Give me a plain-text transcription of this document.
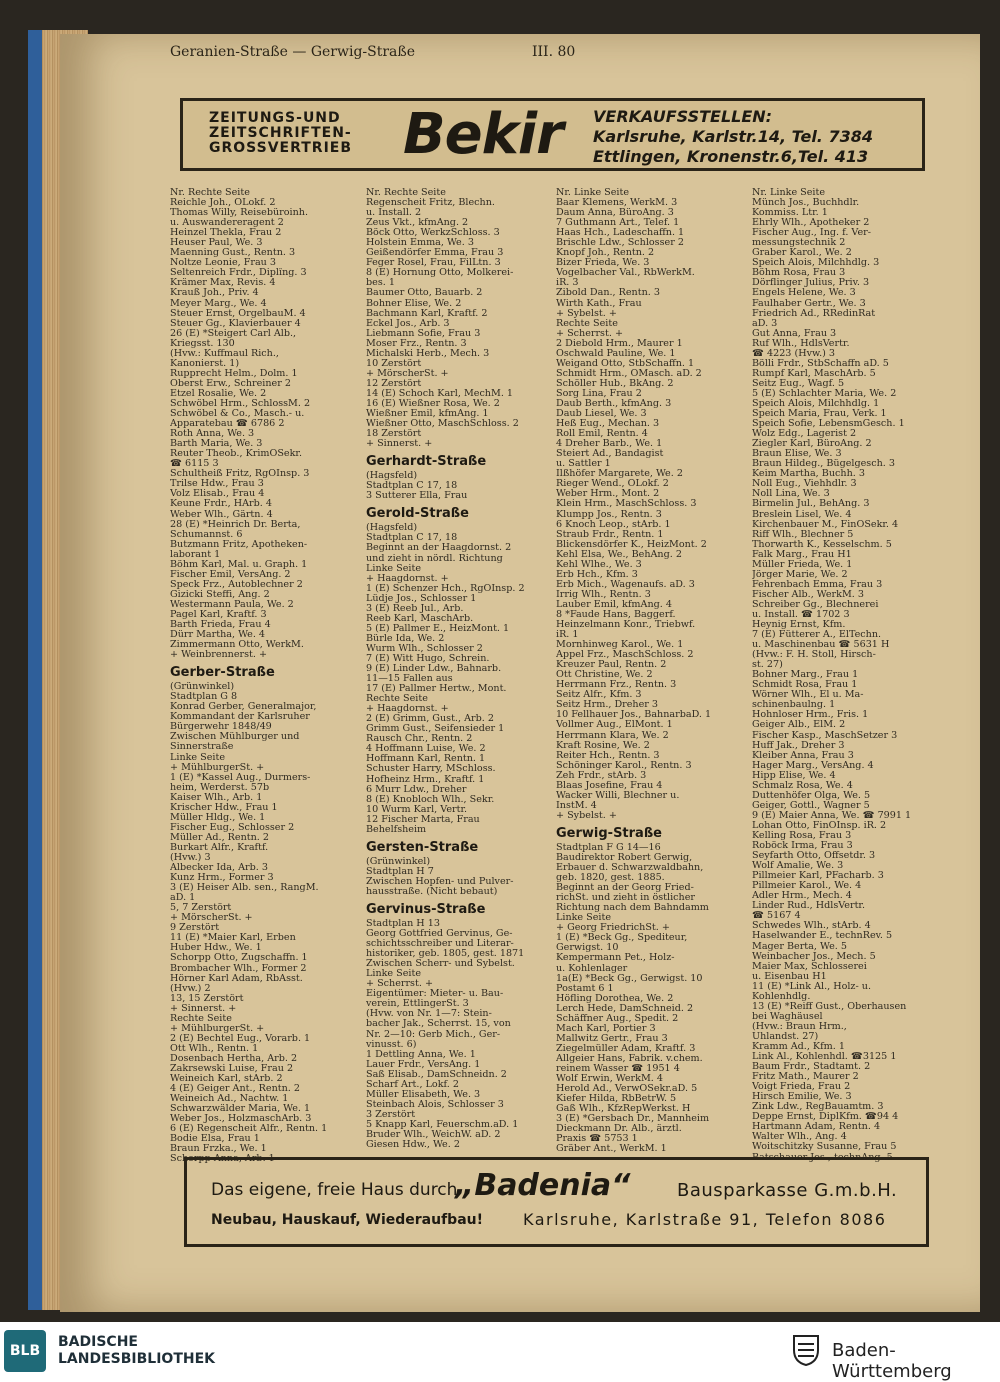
Geranien-Straße — Gerwig-Straße	III. 80
ZEITUNGS-UND
ZEITSCHRIFTEN-
GROSSVERTRIEB Bekir VERKAUFSSTELLEN:
Karlsruhe, Karlstr.14, Tel. 7384
Ettlingen, Kronenstr.6,Tel. 413
Nr. Rechte Seite
Reichle Joh., OLokf. 2
Thomas Willy, Reisebüroinh.
u. Auswandereragent 2
Heinzel Thekla, Frau 2
Heuser Paul, We. 3
Maenning Gust., Rentn. 3
Noltze Leonie, Frau 3
Seltenreich Frdr., Diplîng. 3
Krämer Max, Revis. 4
Krauß Joh., Priv. 4
Meyer Marg., We. 4
Steuer Ernst, OrgelbauM. 4
Steuer Gg., Klavierbauer 4
26 (E) *Steigert Carl Alb.,
Kriegsst. 130
(Hvw.: Kuffmaul Rich.,
Kanonierst. 1)
Rupprecht Helm., Dolm. 1
Oberst Erw., Schreiner 2
Etzel Rosalie, We. 2
Schwöbel Hrm., SchlossM. 2
Schwöbel & Co., Masch.- u.
Apparatebau ☎ 6786 2
Roth Anna, We. 3
Barth Maria, We. 3
Reuter Theob., KrimOSekr.
☎ 6115 3
Schultheiß Fritz, RgOInsp. 3
Trilse Hdw., Frau 3
Volz Elisab., Frau 4
Keune Frdr., HArb. 4
Weber Wlh., Gärtn. 4
28 (E) *Heinrich Dr. Berta,
Schumannst. 6
Butzmann Fritz, Apotheken-
laborant 1
Böhm Karl, Mal. u. Graph. 1
Fischer Emil, VersAng. 2
Speck Frz., Autoblechner 2
Gizicki Steffi, Ang. 2
Westermann Paula, We. 2
Pagel Karl, Kraftf. 3
Barth Frieda, Frau 4
Dürr Martha, We. 4
Zimmermann Otto, WerkM.
+ Weinbrennerst. +
Gerber-Straße
(Grünwinkel)
Stadtplan G 8
Konrad Gerber, Generalmajor,
Kommandant der Karlsruher
Bürgerwehr 1848/49
Zwischen Mühlburger und
Sinnerstraße
Linke Seite
+ MühlburgerSt. +
1 (E) *Kassel Aug., Durmers-
heim, Werderst. 57b
Kaiser Wlh., Arb. 1
Krischer Hdw., Frau 1
Müller Hldg., We. 1
Fischer Eug., Schlosser 2
Müller Ad., Rentn. 2
Burkart Alfr., Kraftf.
(Hvw.) 3
Albecker Ida, Arb. 3
Kunz Hrm., Former 3
3 (E) Heiser Alb. sen., RangM.
aD. 1
5, 7 Zerstört
+ MörscherSt. +
9 Zerstört
11 (E) *Maier Karl, Erben
Huber Hdw., We. 1
Schorpp Otto, Zugschaffn. 1
Brombacher Wlh., Former 2
Hörner Karl Adam, RbAsst.
(Hvw.) 2
13, 15 Zerstört
+ Sinnerst. +
Rechte Seite
+ MühlburgerSt. +
2 (E) Bechtel Eug., Vorarb. 1
Ott Wlh., Rentn. 1
Dosenbach Hertha, Arb. 2
Zakrsewski Luise, Frau 2
Weineich Karl, stArb. 2
4 (E) Geiger Ant., Rentn. 2
Weineich Ad., Nachtw. 1
Schwarzwälder Maria, We. 1
Weber Jos., HolzmaschArb. 3
6 (E) Regenscheit Alfr., Rentn. 1
Bodie Elsa, Frau 1
Braun Frzka., We. 1
Schorpp Anna, Arb. 1
Nr. Rechte Seite
Regenscheit Fritz, Blechn.
u. Install. 2
Zeus Vkt., kfmAng. 2
Böck Otto, WerkzSchloss. 3
Holstein Emma, We. 3
Geißendörfer Emma, Frau 3
Feger Rosel, Frau, FilLtn. 3
8 (E) Hornung Otto, Molkerei-
bes. 1
Baumer Otto, Bauarb. 2
Bohner Elise, We. 2
Bachmann Karl, Kraftf. 2
Eckel Jos., Arb. 3
Liebmann Sofie, Frau 3
Moser Frz., Rentn. 3
Michalski Herb., Mech. 3
10 Zerstört
+ MörscherSt. +
12 Zerstört
14 (E) Schoch Karl, MechM. 1
16 (E) Wießner Rosa, We. 2
Wießner Emil, kfmAng. 1
Wießner Otto, MaschSchloss. 2
18 Zerstört
+ Sinnerst. +
Gerhardt-Straße
(Hagsfeld)
Stadtplan C 17, 18
3 Sutterer Ella, Frau
Gerold-Straße
(Hagsfeld)
Stadtplan C 17, 18
Beginnt an der Haagdornst. 2
und zieht in nördl. Richtung
Linke Seite
+ Haagdornst. +
1 (E) Schenzer Hch., RgOInsp. 2
Lüdje Jos., Schlosser 1
3 (E) Reeb Jul., Arb.
Reeb Karl, MaschArb.
5 (E) Pallmer E., HeizMont. 1
Bürle Ida, We. 2
Wurm Wlh., Schlosser 2
7 (E) Witt Hugo, Schrein.
9 (E) Linder Ldw., Bahnarb.
11—15 Fallen aus
17 (E) Pallmer Hertw., Mont.
Rechte Seite
+ Haagdornst. +
2 (E) Grimm, Gust., Arb. 2
Grimm Gust., Seifensieder 1
Rausch Chr., Rentn. 2
4 Hoffmann Luise, We. 2
Hoffmann Karl, Rentn. 1
Schuster Harry, MSchloss.
Hofheinz Hrm., Kraftf. 1
6 Murr Ldw., Dreher
8 (E) Knobloch Wlh., Sekr.
10 Wurm Karl, Vertr.
12 Fischer Marta, Frau
Behelfsheim
Gersten-Straße
(Grünwinkel)
Stadtplan H 7
Zwischen Hopfen- und Pulver-
hausstraße. (Nicht bebaut)
Gervinus-Straße
Stadtplan H 13
Georg Gottfried Gervinus, Ge-
schichtsschreiber und Literar-
historiker, geb. 1805, gest. 1871
Zwischen Scherr- und Sybelst.
Linke Seite
+ Scherrst. +
Eigentümer: Mieter- u. Bau-
verein, EttlingerSt. 3
(Hvw. von Nr. 1—7: Stein-
bacher Jak., Scherrst. 15, von
Nr. 2—10: Gerb Mich., Ger-
vinusst. 6)
1 Dettling Anna, We. 1
Lauer Frdr., VersAng. 1
Saß Elisab., DamSchneidn. 2
Scharf Art., Lokf. 2
Müller Elisabeth, We. 3
Steinbach Alois, Schlosser 3
3 Zerstört
5 Knapp Karl, Feuerschm.aD. 1
Bruder Wlh., WeichW. aD. 2
Giesen Hdw., We. 2
Nr. Linke Seite
Baar Klemens, WerkM. 3
Daum Anna, BüroAng. 3
7 Guthmann Art., Telef. 1
Haas Hch., Ladeschaffn. 1
Brischle Ldw., Schlosser 2
Knopf Joh., Rentn. 2
Bizer Frieda, We. 3
Vogelbacher Val., RbWerkM.
iR. 3
Zibold Dan., Rentn. 3
Wirth Kath., Frau
+ Sybelst. +
Rechte Seite
+ Scherrst. +
2 Diebold Hrm., Maurer 1
Oschwald Pauline, We. 1
Weigand Otto, StbSchaffn. 1
Schmidt Hrm., OMasch. aD. 2
Schöller Hub., BkAng. 2
Sorg Lina, Frau 2
Daub Berth., kfmAng. 3
Daub Liesel, We. 3
Heß Eug., Mechan. 3
Roll Emil, Rentn. 4
4 Dreher Barb., We. 1
Steiert Ad., Bandagist
u. Sattler 1
Ilßhöfer Margarete, We. 2
Rieger Wend., OLokf. 2
Weber Hrm., Mont. 2
Klein Hrm., MaschSchloss. 3
Klumpp Jos., Rentn. 3
6 Knoch Leop., stArb. 1
Straub Frdr., Rentn. 1
Blickensdörfer K., HeizMont. 2
Kehl Elsa, We., BehAng. 2
Kehl Wlhe., We. 3
Erb Hch., Kfm. 3
Erb Mich., Wagenaufs. aD. 3
Irrig Wlh., Rentn. 3
Lauber Emil, kfmAng. 4
8 *Faude Hans, Baggerf.
Heinzelmann Konr., Triebwf.
iR. 1
Mornhinweg Karol., We. 1
Appel Frz., MaschSchloss. 2
Kreuzer Paul, Rentn. 2
Ott Christine, We. 2
Herrmann Frz., Rentn. 3
Seitz Alfr., Kfm. 3
Seitz Hrm., Dreher 3
10 Fellhauer Jos., BahnarbaD. 1
Vollmer Aug., ElMont. 1
Herrmann Klara, We. 2
Kraft Rosine, We. 2
Reiter Hch., Rentn. 3
Schöninger Karol., Rentn. 3
Zeh Frdr., stArb. 3
Blaas Josefine, Frau 4
Wacker Willi, Blechner u.
InstM. 4
+ Sybelst. +
Gerwig-Straße
Stadtplan F G 14—16
Baudirektor Robert Gerwig,
Erbauer d. Schwarzwaldbahn,
geb. 1820, gest. 1885.
Beginnt an der Georg Fried-
richSt. und zieht in östlicher
Richtung nach dem Bahndamm
Linke Seite
+ Georg FriedrichSt. +
1 (E) *Beck Gg., Spediteur,
Gerwigst. 10
Kempermann Pet., Holz-
u. Kohlenlager
1a(E) *Beck Gg., Gerwigst. 10
Postamt 6 1
Höfling Dorothea, We. 2
Lerch Hede, DamSchneid. 2
Schäffner Aug., Spedit. 2
Mach Karl, Portier 3
Mallwitz Gertr., Frau 3
Ziegelmüller Adam, Kraftf. 3
Allgeier Hans, Fabrik. v.chem.
reinem Wasser ☎ 1951 4
Wolf Erwin, WerkM. 4
Herold Ad., VerwOSekr.aD. 5
Kiefer Hilda, RbBetrW. 5
Gaß Wlh., KfzRepWerkst. H
3 (E) *Gersbach Dr., Mannheim
Dieckmann Dr. Alb., ärztl.
Praxis ☎ 5753 1
Gräber Ant., WerkM. 1
Nr. Linke Seite
Münch Jos., Buchhdlr.
Kommiss. Ltr. 1
Ehrly Wlh., Apotheker 2
Fischer Aug., Ing. f. Ver-
messungstechnik 2
Graber Karol., We. 2
Speich Alois, Milchhdlg. 3
Böhm Rosa, Frau 3
Dörflinger Julius, Priv. 3
Engels Helene, We. 3
Faulhaber Gertr., We. 3
Friedrich Ad., RRedinRat
aD. 3
Gut Anna, Frau 3
Ruf Wlh., HdlsVertr.
☎ 4223 (Hvw.) 3
Bölli Frdr., StbSchaffn aD. 5
Rumpf Karl, MaschArb. 5
Seitz Eug., Wagf. 5
5 (E) Schlachter Maria, We. 2
Speich Alois, Milchhdlg. 1
Speich Maria, Frau, Verk. 1
Speich Sofie, LebensmGesch. 1
Wolz Edg., Lagerist 2
Ziegler Karl, BüroAng. 2
Braun Elise, We. 3
Braun Hildeg., Bügelgesch. 3
Keim Martha, Buchh. 3
Noll Eug., Viehhdlr. 3
Noll Lina, We. 3
Birmelin Jul., BehAng. 3
Breslein Lisel, We. 4
Kirchenbauer M., FinOSekr. 4
Riff Wlh., Blechner 5
Thorwarth K., Kesselschm. 5
Falk Marg., Frau H1
Müller Frieda, We. 1
Jörger Marie, We. 2
Fehrenbach Emma, Frau 3
Fischer Alb., WerkM. 3
Schreiber Gg., Blechnerei
u. Install. ☎ 1702 3
Heynig Ernst, Kfm.
7 (E) Fütterer A., ElTechn.
u. Maschinenbau ☎ 5631 H
(Hvw.: F. H. Stoll, Hirsch-
st. 27)
Bohner Marg., Frau 1
Schmidt Rosa, Frau 1
Wörner Wlh., El u. Ma-
schinenbaulng. 1
Hohnloser Hrm., Fris. 1
Geiger Alb., ElM. 2
Fischer Kasp., MaschSetzer 3
Huff Jak., Dreher 3
Kleiber Anna, Frau 3
Hager Marg., VersAng. 4
Hipp Elise, We. 4
Schmalz Rosa, We. 4
Duttenhöfer Olga, We. 5
Geiger, Gottl., Wagner 5
9 (E) Maier Anna, We. ☎ 7991 1
Lohan Otto, FinOInsp. iR. 2
Kelling Rosa, Frau 3
Roböck Irma, Frau 3
Seyfarth Otto, Offsetdr. 3
Wolf Amalie, We. 3
Pillmeier Karl, PFacharb. 3
Pillmeier Karol., We. 4
Adler Hrm., Mech. 4
Linder Rud., HdlsVertr.
☎ 5167 4
Schwedes Wlh., stArb. 4
Haselwander E., technRev. 5
Mager Berta, We. 5
Weinbacher Jos., Mech. 5
Maier Max, Schlosserei
u. Eisenbau H1
11 (E) *Link Al., Holz- u.
Kohlenhdlg.
13 (E) *Reiff Gust., Oberhausen
bei Waghäusel
(Hvw.: Braun Hrm.,
Uhlandst. 27)
Kramm Ad., Kfm. 1
Link Al., Kohlenhdl. ☎3125 1
Baum Frdr., Stadtamt. 2
Fritz Math., Maurer 2
Voigt Frieda, Frau 2
Hirsch Emilie, We. 3
Zink Ldw., RegBauamtm. 3
Deppe Ernst, DiplKfm. ☎94 4
Hartmann Adam, Rentn. 4
Walter Wlh., Ang. 4
Woitschitzky Susanne, Frau 5
Batschauer Jos., technAng. 5
Das eigene, freie Haus durch
„Badenia“	Bausparkasse G.m.b.H.
Neubau, Hauskauf, Wiederaufbau!	Karlsruhe, Karlstraße 91, Telefon 8086
BLB
BADISCHE
LANDESBIBLIOTHEK	Baden-Württemberg
